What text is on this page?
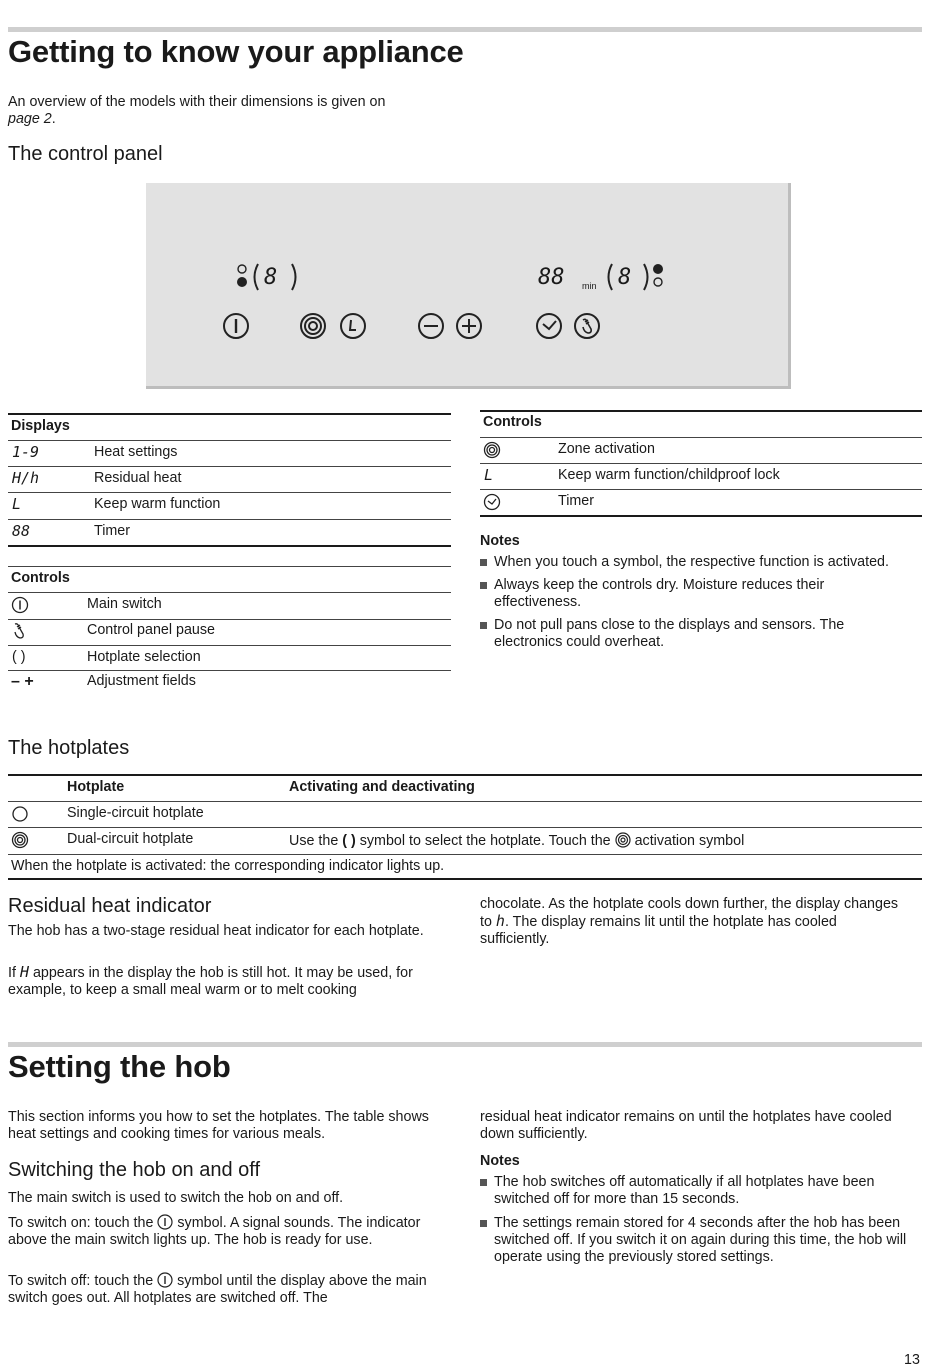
Getting to know your appliance

An overview of the models with their dimensions is given on
page 2.

The control panel
8	88 min 8
Displays
1-9	Heat settings
H/h	Residual heat
L	Keep warm function
88	Timer
Controls
Main switch
Control panel pause
( )	Hotplate selection
– +	Adjustment fields
Controls
Zone activation
L	Keep warm function/childproof lock
Timer
Notes
When you touch a symbol, the respective function is activated.
Always keep the controls dry. Moisture reduces their effectiveness.
Do not pull pans close to the displays and sensors. The electronics could overheat.
The hotplates
Hotplate	Activating and deactivating
Single-circuit hotplate
Dual-circuit hotplate	Use the ( ) symbol to select the hotplate. Touch the activation symbol
When the hotplate is activated: the corresponding indicator lights up.
Residual heat indicator

The hob has a two-stage residual heat indicator for each hotplate.

If H appears in the display the hob is still hot. It may be used, for example, to keep a small meal warm or to melt cooking

chocolate. As the hotplate cools down further, the display changes to h. The display remains lit until the hotplate has cooled sufficiently.

Setting the hob

This section informs you how to set the hotplates. The table shows heat settings and cooking times for various meals.

Switching the hob on and off

The main switch is used to switch the hob on and off.

To switch on: touch the symbol. A signal sounds. The indicator above the main switch lights up. The hob is ready for use.

To switch off: touch the symbol until the display above the main switch goes out. All hotplates are switched off. The

residual heat indicator remains on until the hotplates have cooled down sufficiently.

Notes
The hob switches off automatically if all hotplates have been switched off for more than 15 seconds.
The settings remain stored for 4 seconds after the hob has been switched off. If you switch it on again during this time, the hob will operate using the previously stored settings.
13
